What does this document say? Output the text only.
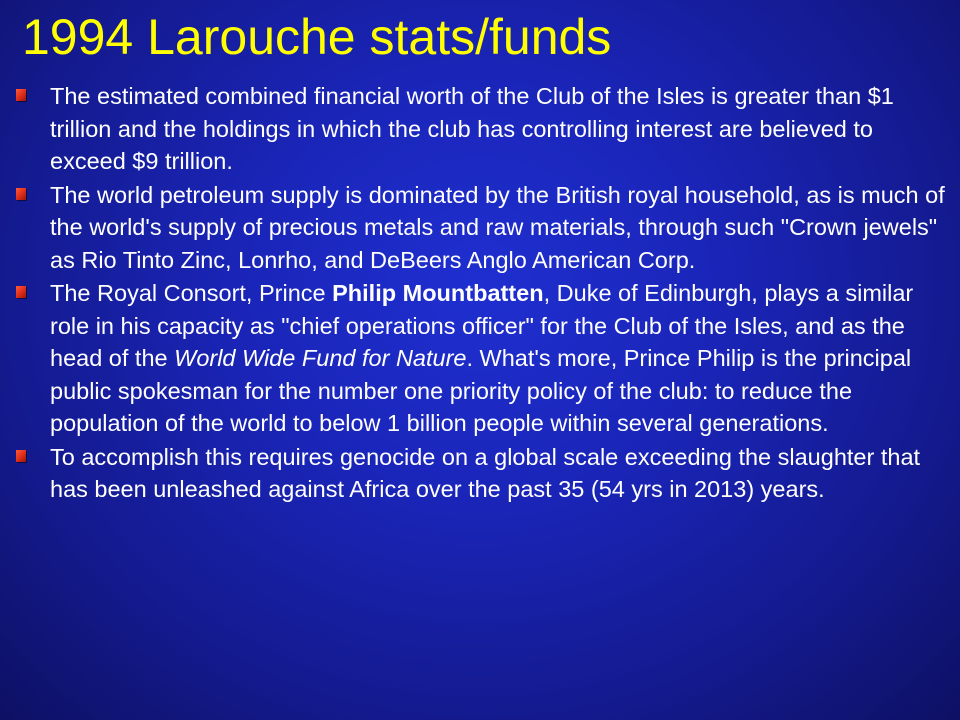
1994 Larouche stats/funds
The estimated combined financial worth of the Club of the Isles is greater than $1 trillion and the holdings in which the club has controlling interest are believed to exceed $9 trillion.
The world petroleum supply is dominated by the British royal household, as is much of the world's supply of precious metals and raw materials, through such "Crown jewels" as Rio Tinto Zinc, Lonrho, and DeBeers Anglo American Corp.
The Royal Consort, Prince Philip Mountbatten, Duke of Edinburgh, plays a similar role in his capacity as "chief operations officer" for the Club of the Isles, and as the head of the World Wide Fund for Nature. What's more, Prince Philip is the principal public spokesman for the number one priority policy of the club: to reduce the population of the world to below 1 billion people within several generations.
To accomplish this requires genocide on a global scale exceeding the slaughter that has been unleashed against Africa over the past 35 (54 yrs in 2013) years.
